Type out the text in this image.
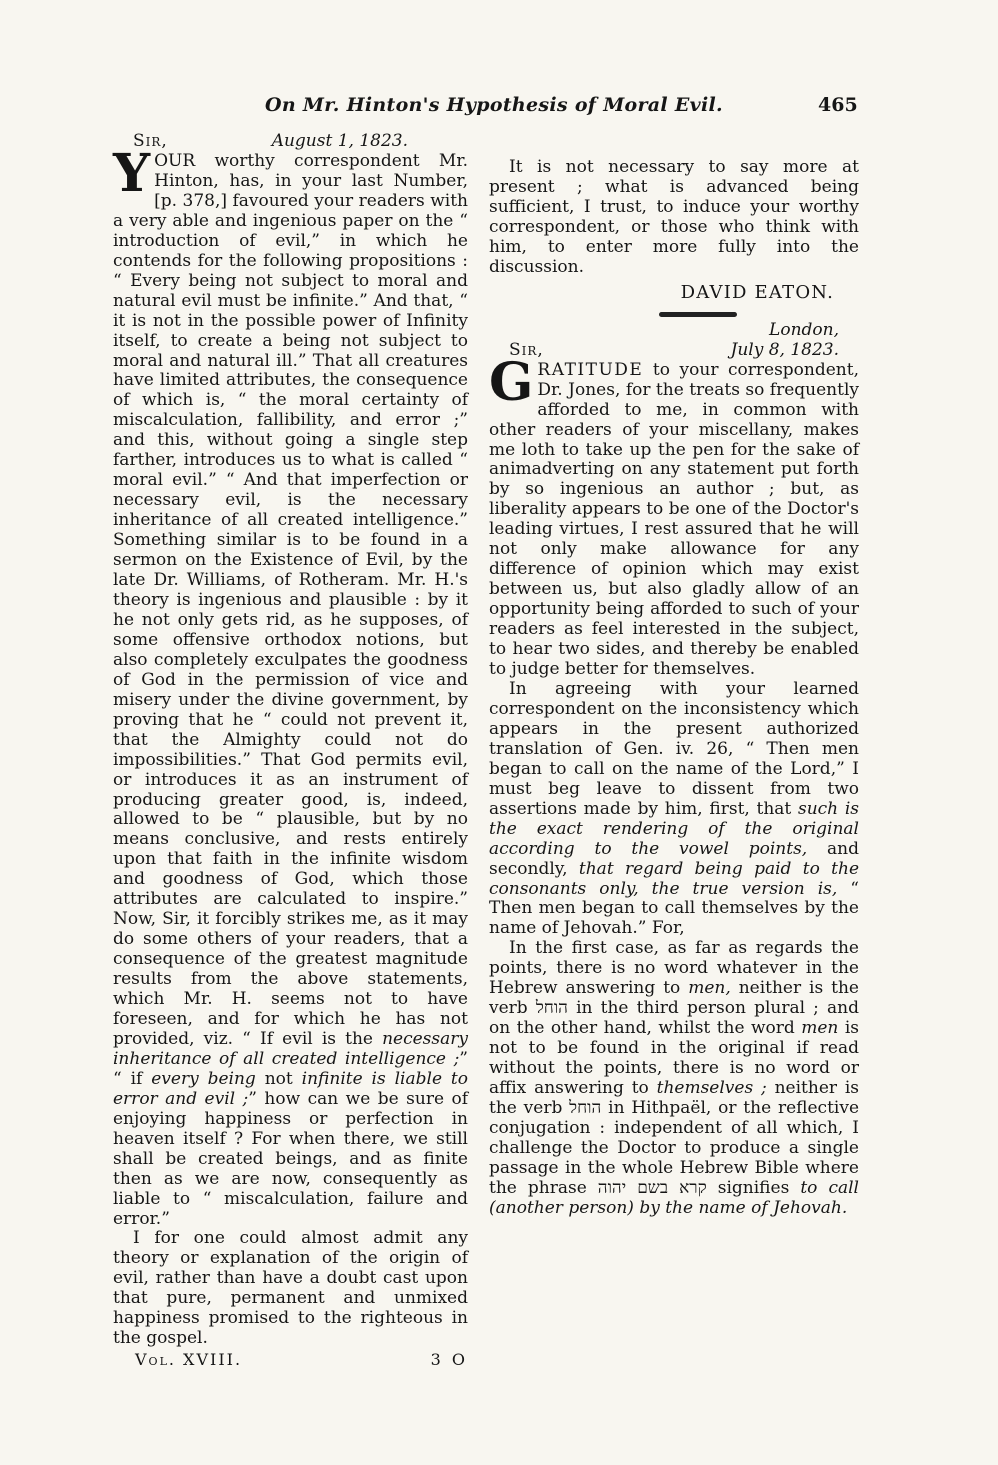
On Mr. Hinton's Hypothesis of Moral Evil.	465
Sir,	August 1, 1823.

YOUR worthy correspondent Mr. Hinton, has, in your last Number, [p. 378,] favoured your readers with a very able and ingenious paper on the “ introduction of evil,” in which he contends for the following propositions : “ Every being not subject to moral and natural evil must be infinite.” And that, “ it is not in the possible power of Infinity itself, to create a being not subject to moral and natural ill.” That all creatures have limited attributes, the consequence of which is, “ the moral certainty of miscalculation, fallibility, and error ;” and this, without going a single step farther, introduces us to what is called “ moral evil.” “ And that imperfection or necessary evil, is the necessary inheritance of all created intelligence.” Something similar is to be found in a sermon on the Existence of Evil, by the late Dr. Williams, of Rotheram. Mr. H.'s theory is ingenious and plausible : by it he not only gets rid, as he supposes, of some offensive orthodox notions, but also completely exculpates the goodness of God in the permission of vice and misery under the divine government, by proving that he “ could not prevent it, that the Almighty could not do impossibilities.” That God permits evil, or introduces it as an instrument of producing greater good, is, indeed, allowed to be “ plausible, but by no means conclusive, and rests entirely upon that faith in the infinite wisdom and goodness of God, which those attributes are calculated to inspire.” Now, Sir, it forcibly strikes me, as it may do some others of your readers, that a consequence of the greatest magnitude results from the above statements, which Mr. H. seems not to have foreseen, and for which he has not provided, viz. “ If evil is the necessary inheritance of all created intelligence ;” “ if every being not infinite is liable to error and evil ;” how can we be sure of enjoying happiness or perfection in heaven itself ? For when there, we still shall be created beings, and as finite then as we are now, consequently as liable to “ miscalculation, failure and error.”

I for one could almost admit any theory or explanation of the origin of evil, rather than have a doubt cast upon that pure, permanent and unmixed happiness promised to the righteous in the gospel.

It is not necessary to say more at present ; what is advanced being sufficient, I trust, to induce your worthy correspondent, or those who think with him, to enter more fully into the discussion.

DAVID EATON.
London,
Sir,	July 8, 1823.

GRATITUDE to your correspondent, Dr. Jones, for the treats so frequently afforded to me, in common with other readers of your miscellany, makes me loth to take up the pen for the sake of animadverting on any statement put forth by so ingenious an author ; but, as liberality appears to be one of the Doctor's leading virtues, I rest assured that he will not only make allowance for any difference of opinion which may exist between us, but also gladly allow of an opportunity being afforded to such of your readers as feel interested in the subject, to hear two sides, and thereby be enabled to judge better for themselves.

In agreeing with your learned correspondent on the inconsistency which appears in the present authorized translation of Gen. iv. 26, “ Then men began to call on the name of the Lord,” I must beg leave to dissent from two assertions made by him, first, that such is the exact rendering of the original according to the vowel points, and secondly, that regard being paid to the consonants only, the true version is, “ Then men began to call themselves by the name of Jehovah.” For,

In the first case, as far as regards the points, there is no word whatever in the Hebrew answering to men, neither is the verb הוחל in the third person plural ; and on the other hand, whilst the word men is not to be found in the original if read without the points, there is no word or affix answering to themselves ; neither is the verb הוחל in Hithpaël, or the reflective conjugation : independent of all which, I challenge the Doctor to produce a single passage in the whole Hebrew Bible where the phrase קרא בשם יהוה signifies to call (another person) by the name of Jehovah.

Vol. XVIII.	3 O
